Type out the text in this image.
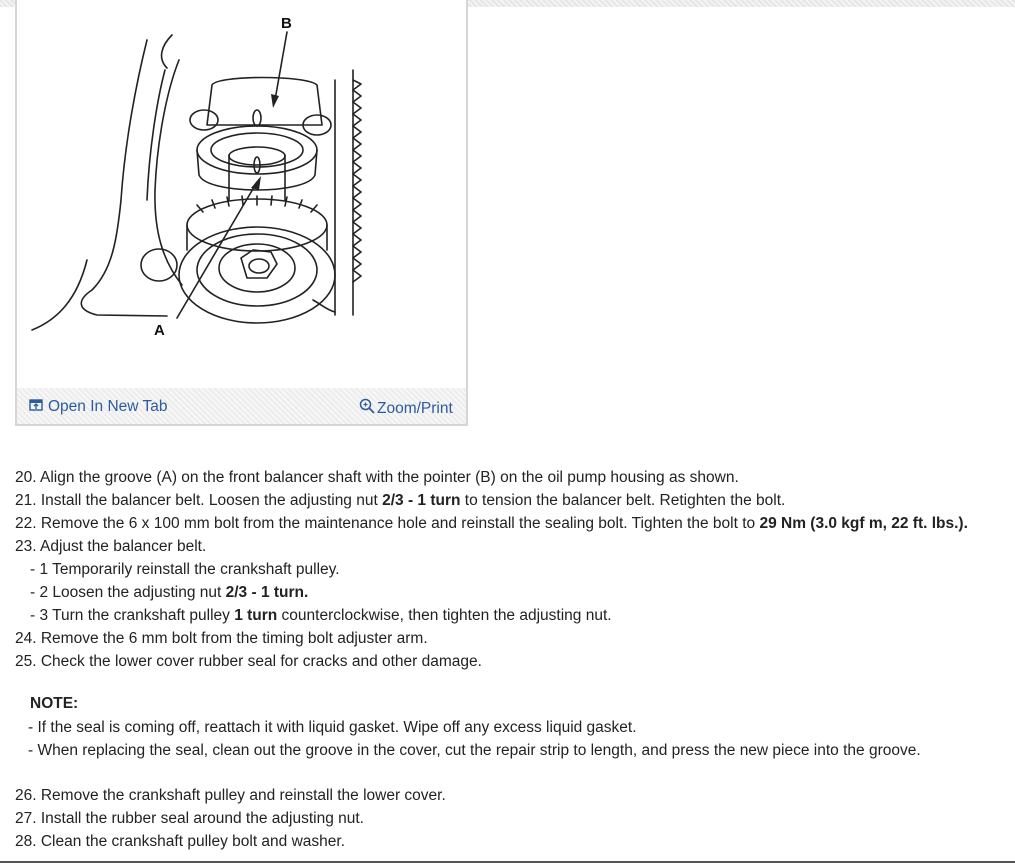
B
A
Open In New Tab	Zoom/Print
20. Align the groove (A) on the front balancer shaft with the pointer (B) on the oil pump housing as shown.
21. Install the balancer belt. Loosen the adjusting nut 2/3 - 1 turn to tension the balancer belt. Retighten the bolt.
22. Remove the 6 x 100 mm bolt from the maintenance hole and reinstall the sealing bolt. Tighten the bolt to 29 Nm (3.0 kgf m, 22 ft. lbs.).
23. Adjust the balancer belt.
- 1 Temporarily reinstall the crankshaft pulley.
- 2 Loosen the adjusting nut 2/3 - 1 turn.
- 3 Turn the crankshaft pulley 1 turn counterclockwise, then tighten the adjusting nut.
24. Remove the 6 mm bolt from the timing bolt adjuster arm.
25. Check the lower cover rubber seal for cracks and other damage.
NOTE:
- If the seal is coming off, reattach it with liquid gasket. Wipe off any excess liquid gasket.
- When replacing the seal, clean out the groove in the cover, cut the repair strip to length, and press the new piece into the groove.
26. Remove the crankshaft pulley and reinstall the lower cover.
27. Install the rubber seal around the adjusting nut.
28. Clean the crankshaft pulley bolt and washer.
